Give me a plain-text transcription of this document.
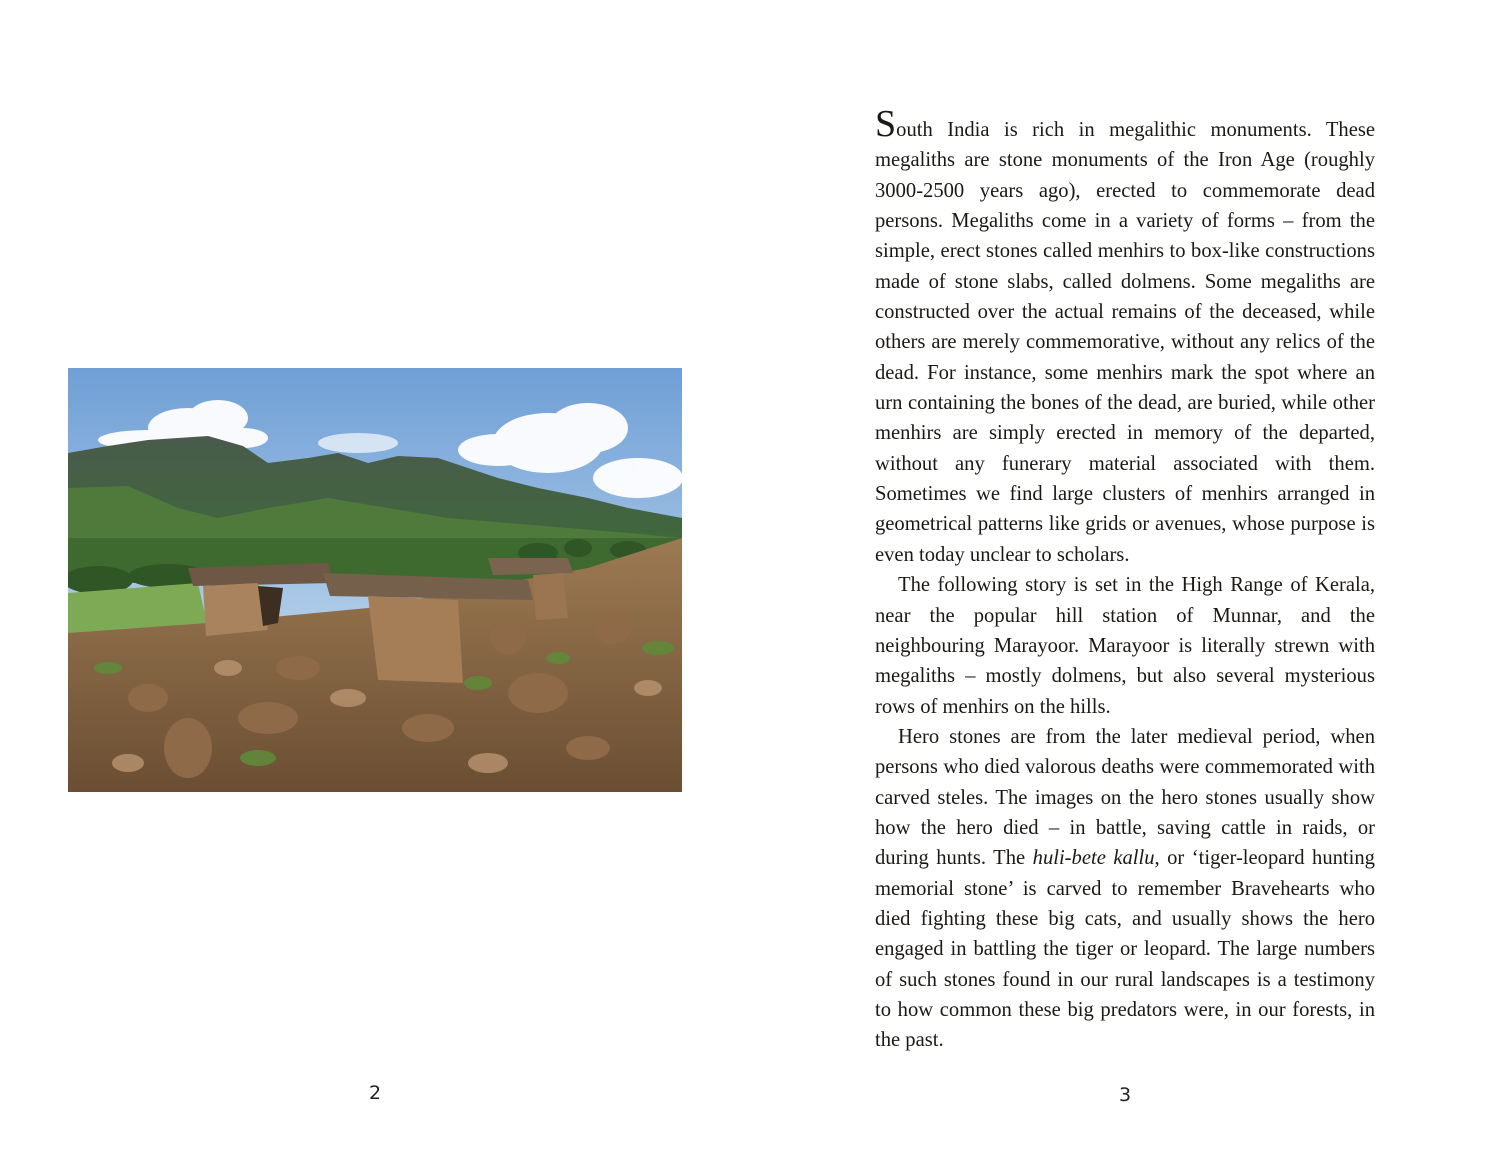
2

South India is rich in megalithic monuments. These megaliths are stone monuments of the Iron Age (roughly 3000-2500 years ago), erected to commemorate dead persons. Megaliths come in a variety of forms – from the simple, erect stones called menhirs to box-like constructions made of stone slabs, called dolmens. Some megaliths are constructed over the actual remains of the deceased, while others are merely commemorative, without any relics of the dead. For instance, some menhirs mark the spot where an urn containing the bones of the dead, are buried, while other menhirs are simply erected in memory of the departed, without any funerary material associated with them. Sometimes we find large clusters of menhirs arranged in geometrical patterns like grids or avenues, whose purpose is even today unclear to scholars.

The following story is set in the High Range of Kerala, near the popular hill station of Munnar, and the neighbouring Marayoor. Marayoor is literally strewn with megaliths – mostly dolmens, but also several mysterious rows of menhirs on the hills.

Hero stones are from the later medieval period, when persons who died valorous deaths were commemorated with carved steles. The images on the hero stones usually show how the hero died – in battle, saving cattle in raids, or during hunts. The huli-bete kallu, or ‘tiger-leopard hunting memorial stone’ is carved to remember Bravehearts who died fighting these big cats, and usually shows the hero engaged in battling the tiger or leopard. The large numbers of such stones found in our rural landscapes is a testimony to how common these big predators were, in our forests, in the past.

3
